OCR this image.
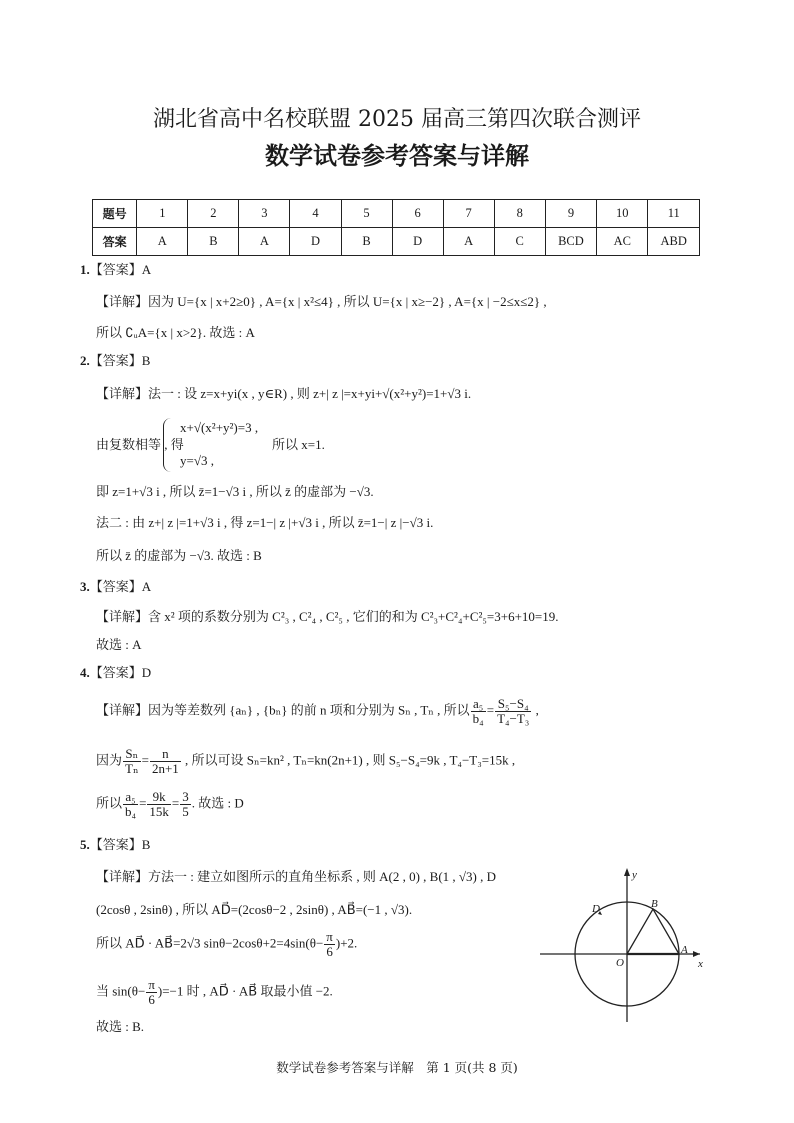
湖北省高中名校联盟 2025 届高三第四次联合测评
数学试卷参考答案与详解
题号	1	2	3	4	5	6	7	8	9	10	11
答案	A	B	A	D	B	D	A	C	BCD	AC	ABD
1.【答案】A
【详解】因为 U={x | x+2≥0} , A={x | x²≤4} , 所以 U={x | x≥−2} , A={x | −2≤x≤2} ,
所以 ∁ᵤA={x | x>2}. 故选 : A
2.【答案】B
【详解】法一 : 设 z=x+yi(x , y∈R) , 则 z+| z |=x+yi+√(x²+y²)=1+√3 i.
由复数相等 , 得
x+√(x²+y²)=3 ,
y=√3 ,
所以 x=1.
即 z=1+√3 i , 所以 z̄=1−√3 i , 所以 z̄ 的虚部为 −√3.
法二 : 由 z+| z |=1+√3 i , 得 z=1−| z |+√3 i , 所以 z̄=1−| z |−√3 i.
所以 z̄ 的虚部为 −√3. 故选 : B
3.【答案】A
【详解】含 x² 项的系数分别为 C²₃ , C²₄ , C²₅ , 它们的和为 C²₃+C²₄+C²₅=3+6+10=19.
故选 : A
4.【答案】D
【详解】因为等差数列 {aₙ} , {bₙ} 的前 n 项和分别为 Sₙ , Tₙ , 所以 $\frac{\text{a₅}}{\text{b₄}} = \frac{\text{S₅−S₄}}{\text{T₄−T₃}}$ ,
因为 $\frac{\text{Sₙ}}{\text{Tₙ}} = \frac{n}{2n+1}$ , 所以可设 Sₙ=kn² , Tₙ=kn(2n+1) , 则 S₅−S₄=9k , T₄−T₃=15k ,
所以 $\frac{\text{a₅}}{\text{b₄}} = \frac{9k}{15k} = \frac{3}{5}$ . 故选 : D
5.【答案】B
【详解】方法一 : 建立如图所示的直角坐标系 , 则 A(2 , 0) , B(1 , √3) , D
(2cosθ , 2sinθ) , 所以 AD⃗=(2cosθ−2 , 2sinθ) , AB⃗=(−1 , √3).
所以 AD⃗ · AB⃗=2√3 $\sin\theta-2\cos\theta+2=4\sin(\theta- \frac{\pi}{6} )+2$.
当 $\sin(\theta- \frac{\pi}{6} )=-1$ 时 , AD⃗ · AB⃗ 取最小值 −2.
故选 : B.
y
x
O
A
B
D
数学试卷参考答案与详解　第 1 页(共 8 页)
